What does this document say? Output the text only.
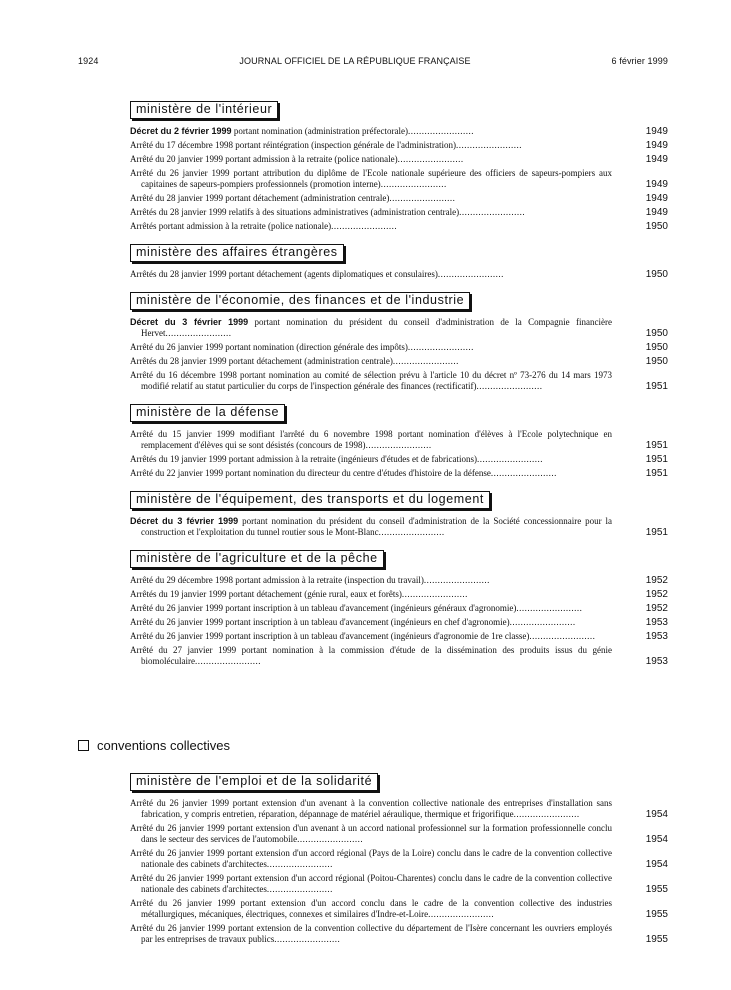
1924	JOURNAL OFFICIEL DE LA RÉPUBLIQUE FRANÇAISE	6 février 1999
ministère de l'intérieur
Décret du 2 février 1999 portant nomination (administration préfectorale)........................	1949
Arrêté du 17 décembre 1998 portant réintégration (inspection générale de l'administration)........................	1949
Arrêté du 20 janvier 1999 portant admission à la retraite (police nationale)........................	1949
Arrêté du 26 janvier 1999 portant attribution du diplôme de l'Ecole nationale supérieure des officiers de sapeurs-pompiers aux capitaines de sapeurs-pompiers professionnels (promotion interne)........................	1949
Arrêté du 28 janvier 1999 portant détachement (administration centrale)........................	1949
Arrêtés du 28 janvier 1999 relatifs à des situations administratives (administration centrale)........................	1949
Arrêtés portant admission à la retraite (police nationale)........................	1950
ministère des affaires étrangères
Arrêtés du 28 janvier 1999 portant détachement (agents diplomatiques et consulaires)........................	1950
ministère de l'économie, des finances et de l'industrie
Décret du 3 février 1999 portant nomination du président du conseil d'administration de la Compagnie financière Hervet........................	1950
Arrêté du 26 janvier 1999 portant nomination (direction générale des impôts)........................	1950
Arrêtés du 28 janvier 1999 portant détachement (administration centrale)........................	1950
Arrêté du 16 décembre 1998 portant nomination au comité de sélection prévu à l'article 10 du décret nº 73-276 du 14 mars 1973 modifié relatif au statut particulier du corps de l'inspection générale des finances (rectificatif)........................	1951
ministère de la défense
Arrêté du 15 janvier 1999 modifiant l'arrêté du 6 novembre 1998 portant nomination d'élèves à l'Ecole polytechnique en remplacement d'élèves qui se sont désistés (concours de 1998)........................	1951
Arrêtés du 19 janvier 1999 portant admission à la retraite (ingénieurs d'études et de fabrications)........................	1951
Arrêté du 22 janvier 1999 portant nomination du directeur du centre d'études d'histoire de la défense........................	1951
ministère de l'équipement, des transports et du logement
Décret du 3 février 1999 portant nomination du président du conseil d'administration de la Société concessionnaire pour la construction et l'exploitation du tunnel routier sous le Mont-Blanc........................	1951
ministère de l'agriculture et de la pêche
Arrêté du 29 décembre 1998 portant admission à la retraite (inspection du travail)........................	1952
Arrêtés du 19 janvier 1999 portant détachement (génie rural, eaux et forêts)........................	1952
Arrêté du 26 janvier 1999 portant inscription à un tableau d'avancement (ingénieurs généraux d'agronomie)........................	1952
Arrêté du 26 janvier 1999 portant inscription à un tableau d'avancement (ingénieurs en chef d'agronomie)........................	1953
Arrêté du 26 janvier 1999 portant inscription à un tableau d'avancement (ingénieurs d'agronomie de 1re classe)........................	1953
Arrêté du 27 janvier 1999 portant nomination à la commission d'étude de la dissémination des produits issus du génie biomoléculaire........................	1953
conventions collectives
ministère de l'emploi et de la solidarité
Arrêté du 26 janvier 1999 portant extension d'un avenant à la convention collective nationale des entreprises d'installation sans fabrication, y compris entretien, réparation, dépannage de matériel aéraulique, thermique et frigorifique........................	1954
Arrêté du 26 janvier 1999 portant extension d'un avenant à un accord national professionnel sur la formation professionnelle conclu dans le secteur des services de l'automobile........................	1954
Arrêté du 26 janvier 1999 portant extension d'un accord régional (Pays de la Loire) conclu dans le cadre de la convention collective nationale des cabinets d'architectes........................	1954
Arrêté du 26 janvier 1999 portant extension d'un accord régional (Poitou-Charentes) conclu dans le cadre de la convention collective nationale des cabinets d'architectes........................	1955
Arrêté du 26 janvier 1999 portant extension d'un accord conclu dans le cadre de la convention collective des industries métallurgiques, mécaniques, électriques, connexes et similaires d'Indre-et-Loire........................	1955
Arrêté du 26 janvier 1999 portant extension de la convention collective du département de l'Isère concernant les ouvriers employés par les entreprises de travaux publics........................	1955
